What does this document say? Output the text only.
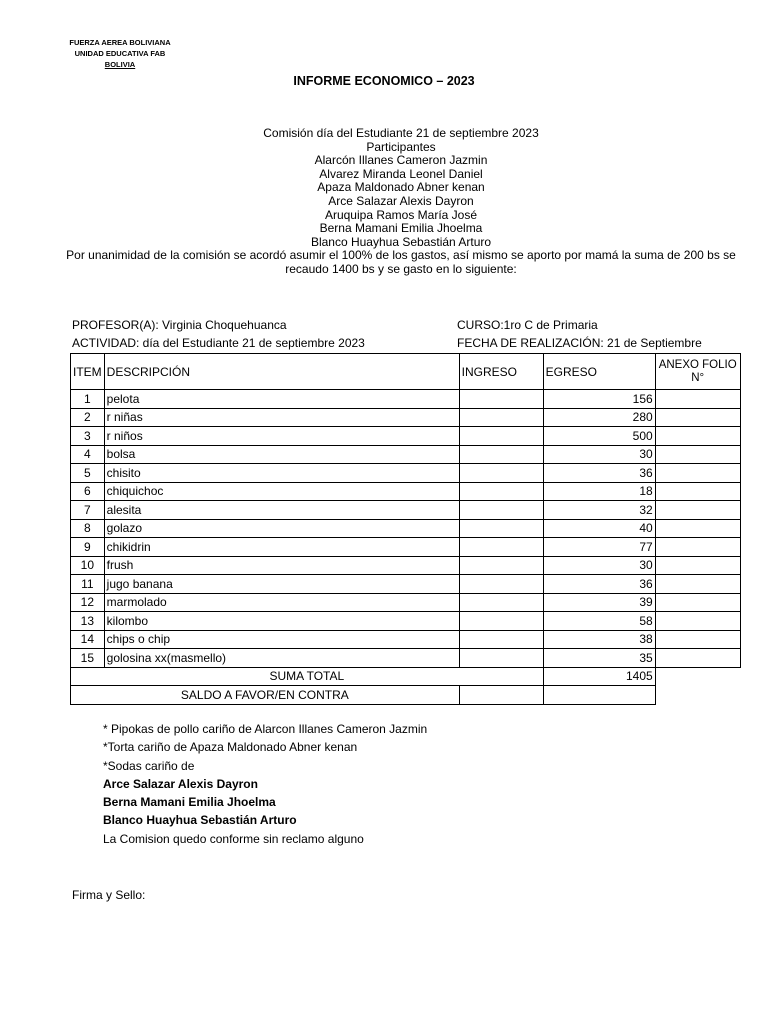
FUERZA AEREA BOLIVIANA
UNIDAD EDUCATIVA FAB
BOLIVIA
INFORME ECONOMICO – 2023
Comisión día del Estudiante 21 de septiembre 2023
Participantes
Alarcón Illanes Cameron Jazmin
Alvarez Miranda Leonel Daniel
Apaza Maldonado Abner kenan
Arce Salazar Alexis Dayron
Aruquipa Ramos María José
Berna Mamani Emilia Jhoelma
Blanco Huayhua Sebastián Arturo
Por unanimidad de la comisión se acordó asumir el 100% de los gastos, así mismo se aporto por mamá la suma de 200 bs se recaudo 1400 bs y se gasto en lo siguiente:
PROFESOR(A): Virginia Choquehuanca
ACTIVIDAD: día del Estudiante 21 de septiembre 2023
CURSO:1ro C de Primaria
FECHA DE REALIZACIÓN: 21 de Septiembre
ITEM	DESCRIPCIÓN	INGRESO	EGRESO	ANEXO FOLIO N°
1	pelota		156	
2	r niñas		280	
3	r niños		500	
4	bolsa		30	
5	chisito		36	
6	chiquichoc		18	
7	alesita		32	
8	golazo		40	
9	chikidrin		77	
10	frush		30	
11	jugo banana		36	
12	marmolado		39	
13	kilombo		58	
14	chips o chip		38	
15	golosina xx(masmello)		35	
SUMA TOTAL			1405	
SALDO A FAVOR/EN CONTRA				
* Pipokas de pollo cariño de Alarcon Illanes Cameron Jazmin
*Torta cariño de Apaza Maldonado Abner kenan
*Sodas cariño de
Arce Salazar Alexis Dayron
Berna Mamani Emilia Jhoelma
Blanco Huayhua Sebastián Arturo
La Comision quedo conforme sin reclamo alguno
Firma y Sello:
